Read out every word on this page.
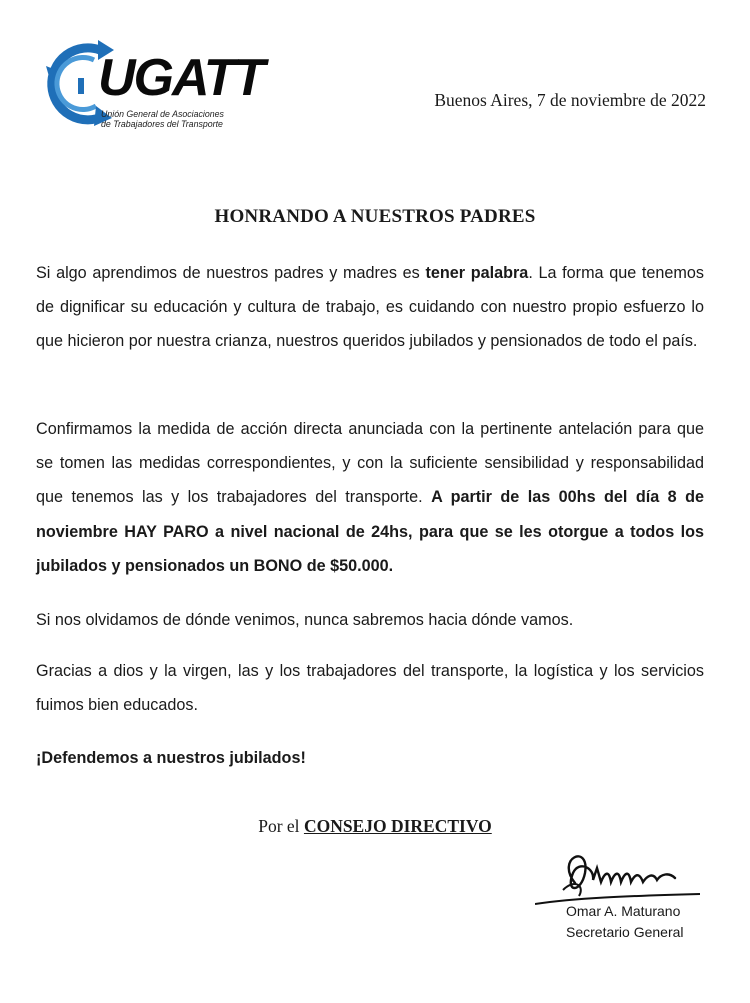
UGATT
Unión General de Asociaciones
de Trabajadores del Transporte
Buenos Aires, 7 de noviembre de 2022
HONRANDO A NUESTROS PADRES
Si algo aprendimos de nuestros padres y madres es tener palabra. La forma que tenemos de dignificar su educación y cultura de trabajo, es cuidando con nuestro propio esfuerzo lo que hicieron por nuestra crianza, nuestros queridos jubilados y pensionados de todo el país.
Confirmamos la medida de acción directa anunciada con la pertinente antelación para que se tomen las medidas correspondientes, y con la suficiente sensibilidad y responsabilidad que tenemos las y los trabajadores del transporte. A partir de las 00hs del día 8 de noviembre HAY PARO a nivel nacional de 24hs, para que se les otorgue a todos los jubilados y pensionados un BONO de $50.000.
Si nos olvidamos de dónde venimos, nunca sabremos hacia dónde vamos.
Gracias a dios y la virgen, las y los trabajadores del transporte, la logística y los servicios fuimos bien educados.
¡Defendemos a nuestros jubilados!
Por el CONSEJO DIRECTIVO
Omar A. Maturano
Secretario General
